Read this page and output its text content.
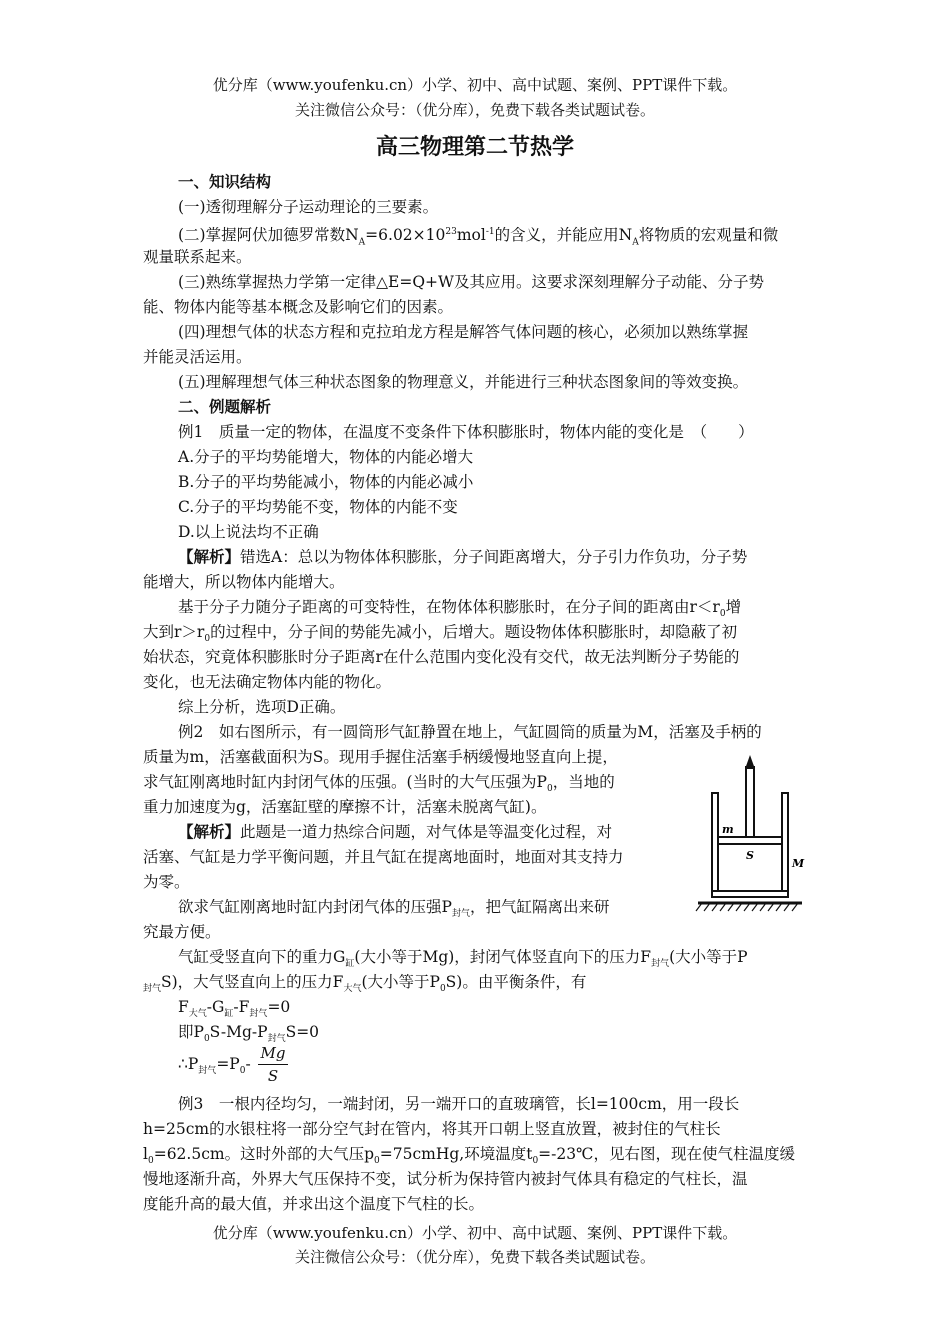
优分库（www.youfenku.cn）小学、初中、高中试题、案例、PPT课件下载。
关注微信公众号：（优分库），免费下载各类试题试卷。
高三物理第二节热学
一、知识结构
(一)透彻理解分子运动理论的三要素。
(二)掌握阿伏加德罗常数$N_A=6.02\times 10^{23}mol^{-1}$的含义，并能应用$N_A$将物质的宏观量和微
观量联系起来。
(三)熟练掌握热力学第一定律△E=Q+W及其应用。这要求深刻理解分子动能、分子势
能、物体内能等基本概念及影响它们的因素。
(四)理想气体的状态方程和克拉珀龙方程是解答气体问题的核心，必须加以熟练掌握
并能灵活运用。
(五)理解理想气体三种状态图象的物理意义，并能进行三种状态图象间的等效变换。
二、例题解析
例1　质量一定的物体，在温度不变条件下体积膨胀时，物体内能的变化是　（　　）
A.分子的平均势能增大，物体的内能必增大
B.分子的平均势能减小，物体的内能必减小
C.分子的平均势能不变，物体的内能不变
D.以上说法均不正确
【解析】错选A：总以为物体体积膨胀，分子间距离增大，分子引力作负功，分子势
能增大，所以物体内能增大。
基于分子力随分子距离的可变特性，在物体体积膨胀时，在分子间的距离由$r<r_0$增
大到$r>r_0$的过程中，分子间的势能先减小，后增大。题设物体体积膨胀时，却隐蔽了初
始状态，究竟体积膨胀时分子距离r在什么范围内变化没有交代，故无法判断分子势能的
变化，也无法确定物体内能的物化。
综上分析，选项D正确。
例2　如右图所示，有一圆筒形气缸静置在地上，气缸圆筒的质量为M，活塞及手柄的
质量为m，活塞截面积为S。现用手握住活塞手柄缓慢地竖直向上提，
求气缸刚离地时缸内封闭气体的压强。(当时的大气压强为$P_0$，当地的
重力加速度为g，活塞缸壁的摩擦不计，活塞未脱离气缸)。
【解析】此题是一道力热综合问题，对气体是等温变化过程，对
活塞、气缸是力学平衡问题，并且气缸在提离地面时，地面对其支持力
为零。
欲求气缸刚离地时缸内封闭气体的压强$P_{封气}$，把气缸隔离出来研
究最方便。
气缸受竖直向下的重力$G_缸$(大小等于Mg)，封闭气体竖直向下的压力$F_{封气}$(大小等于P
$_{封气}$S)，大气竖直向上的压力$F_{大气}$(大小等于$P_0S$)。由平衡条件，有
$F_{大气}-G_缸-F_{封气}=0$
即$P_0S-Mg-P_{封气}S=0$
$\therefore P_{封气}=P_0- \frac{Mg}{S}$
m
S
M
例3　一根内径均匀，一端封闭，另一端开口的直玻璃管，长l=100cm，用一段长
h=25cm的水银柱将一部分空气封在管内，将其开口朝上竖直放置，被封住的气柱长
$l_0=62.5cm$。这时外部的大气压$p_0=75cmHg$,环境温度$t_0=-23℃$，见右图，现在使气柱温度缓
慢地逐渐升高，外界大气压保持不变，试分析为保持管内被封气体具有稳定的气柱长，温
度能升高的最大值，并求出这个温度下气柱的长。
优分库（www.youfenku.cn）小学、初中、高中试题、案例、PPT课件下载。
关注微信公众号：（优分库），免费下载各类试题试卷。
